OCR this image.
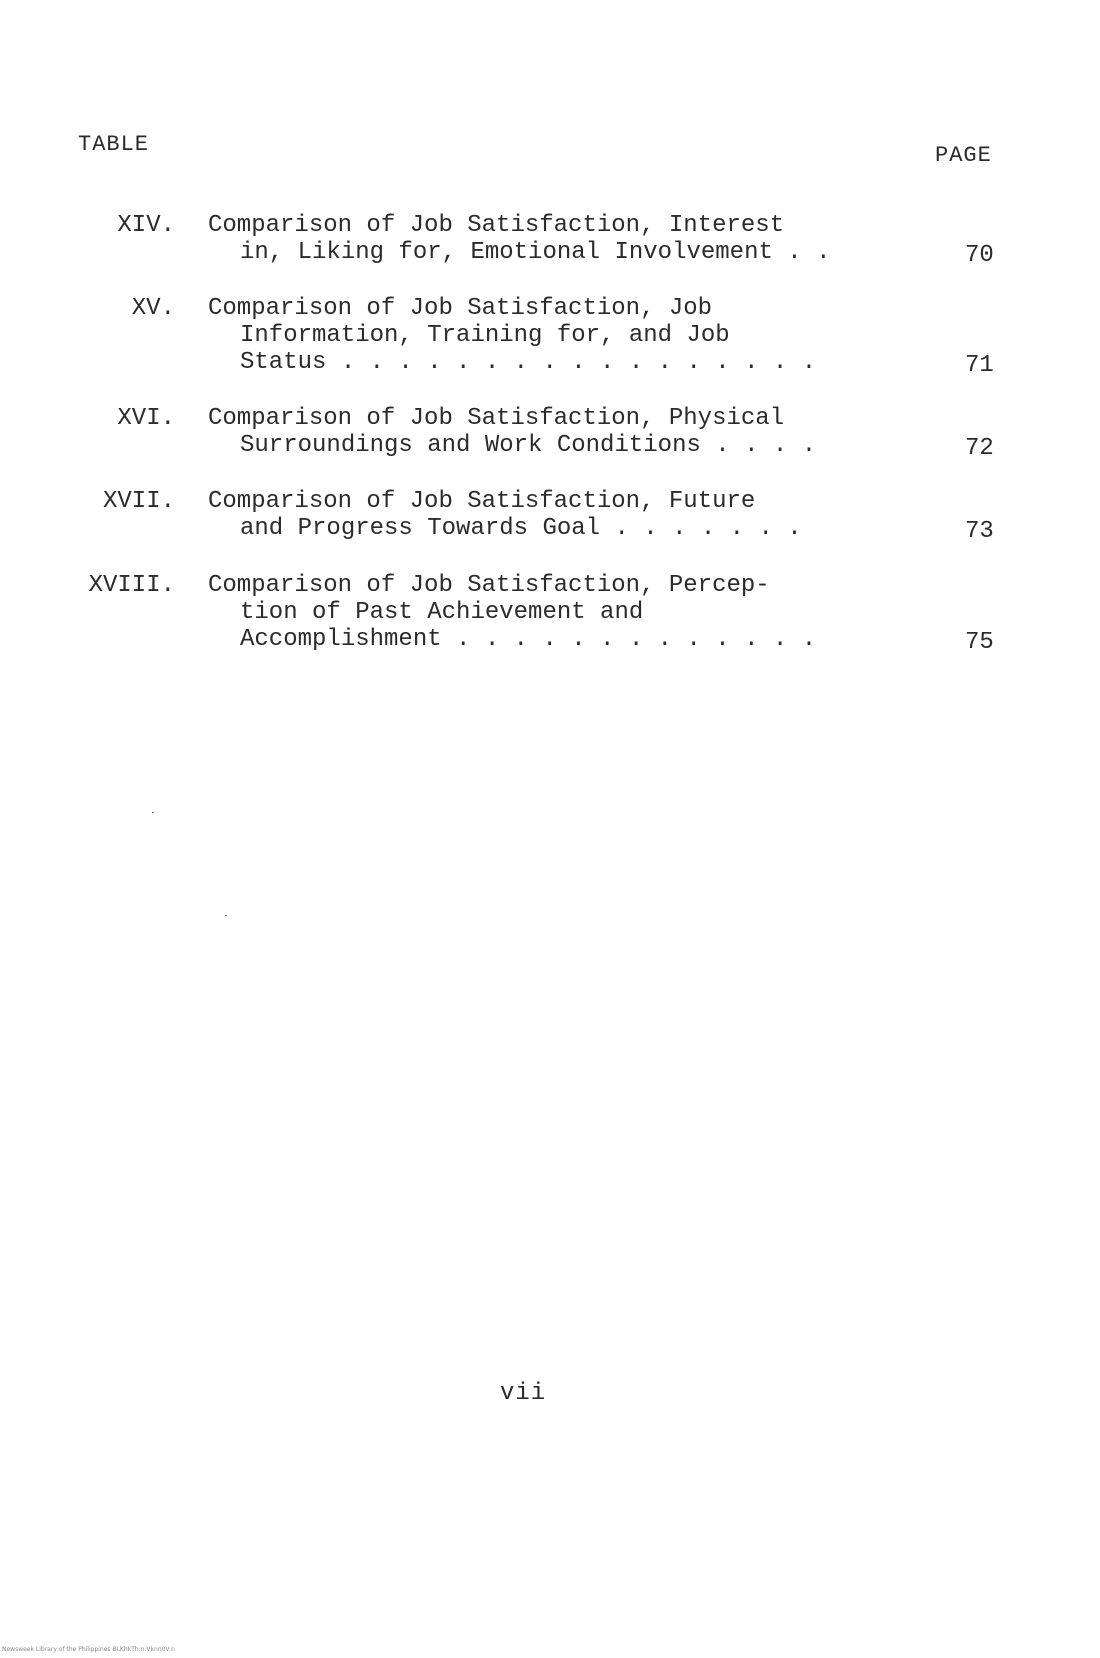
TABLE	PAGE
XIV. Comparison of Job Satisfaction, Interest
in, Liking for, Emotional Involvement . .	70
XV. Comparison of Job Satisfaction, Job
Information, Training for, and Job
Status . . . . . . . . . . . . . . . . .	71
XVI. Comparison of Job Satisfaction, Physical
Surroundings and Work Conditions . . . .	72
XVII. Comparison of Job Satisfaction, Future
and Progress Towards Goal . . . . . . .	73
XVIII. Comparison of Job Satisfaction, Percep-
tion of Past Achievement and
Accomplishment . . . . . . . . . . . . .	75
vii
Newsweek Library of the Philippines BLKhkTh:n:Vknn0V:n
